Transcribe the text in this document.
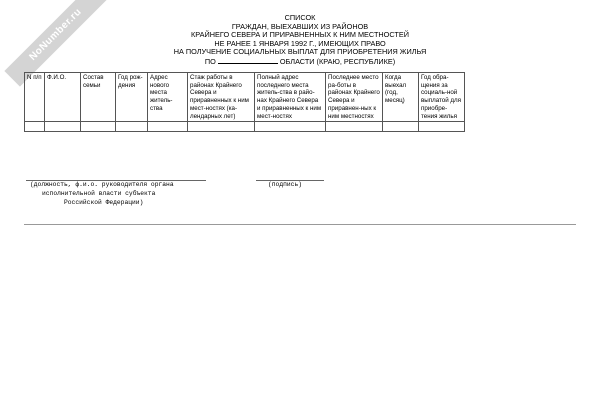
NoNumber.ru	СПИСОК
ГРАЖДАН, ВЫЕХАВШИХ ИЗ РАЙОНОВ
КРАЙНЕГО СЕВЕРА И ПРИРАВНЕННЫХ К НИМ МЕСТНОСТЕЙ
НЕ РАНЕЕ 1 ЯНВАРЯ 1992 Г., ИМЕЮЩИХ ПРАВО
НА ПОЛУЧЕНИЕ СОЦИАЛЬНЫХ ВЫПЛАТ ДЛЯ ПРИОБРЕТЕНИЯ ЖИЛЬЯ
ПО	ОБЛАСТИ (КРАЮ, РЕСПУБЛИКЕ)
N п/п	Ф.И.О.	Состав семьи	Год рож-дения	Адрес нового места житель-ства	Стаж работы в районах Крайнего Севера и приравненных к ним мест-ностях (ка-лендарных лет)	Полный адрес последнего места житель-ства в райо-нах Крайнего Севера и приравненных к ним мест-ностях	Последнее место ра-боты в районах Крайнего Севера и приравнен-ных к ним местностях	Когда выехал (год, месяц)	Год обра-щения за социаль-ной выплатой для приобре-тения жилья

(должность, ф.и.о. руководителя органа
исполнительной власти субъекта
Российской Федерации)
(подпись)
